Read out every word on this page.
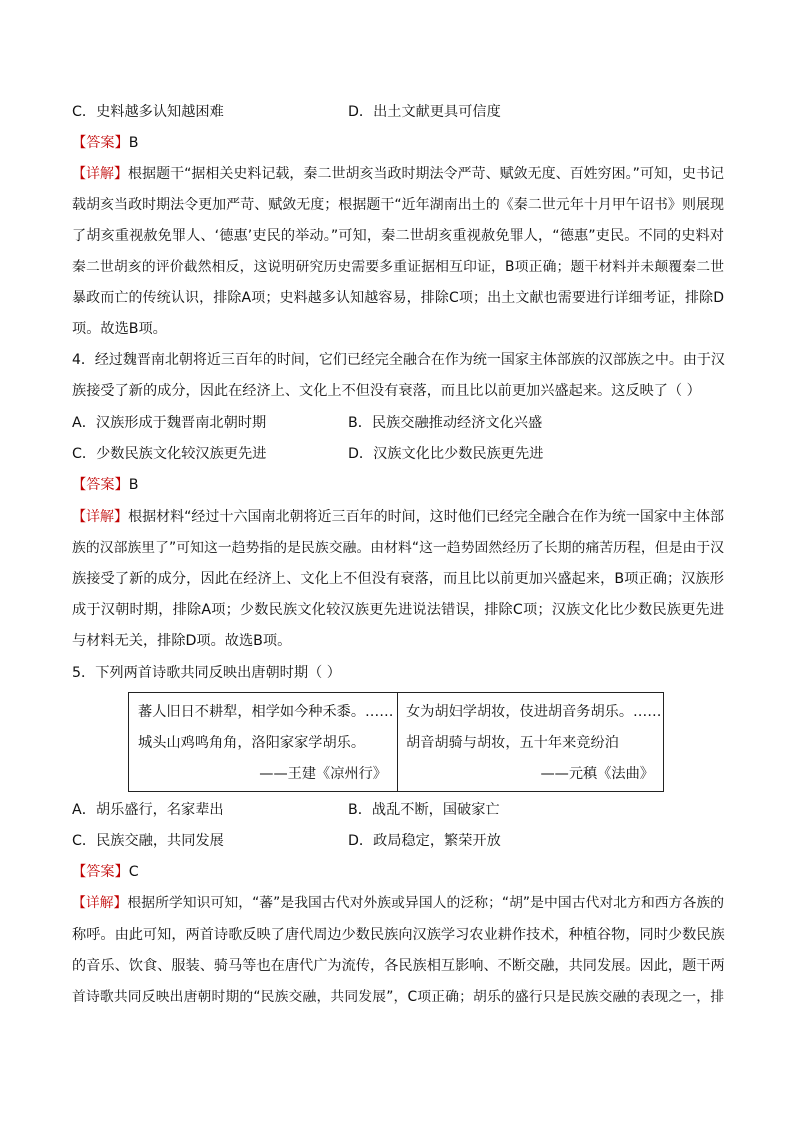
C．史料越多认知越困难	D．出土文献更具可信度
【答案】B
【详解】根据题干“据相关史料记载，秦二世胡亥当政时期法令严苛、赋敛无度、百姓穷困。”可知，史书记
载胡亥当政时期法令更加严苛、赋敛无度；根据题干“近年湖南出土的《秦二世元年十月甲午诏书》则展现
了胡亥重视赦免罪人、‘德惠’吏民的举动。”可知，秦二世胡亥重视赦免罪人，“德惠”吏民。不同的史料对
秦二世胡亥的评价截然相反，这说明研究历史需要多重证据相互印证，B项正确；题干材料并未颠覆秦二世
暴政而亡的传统认识，排除A项；史料越多认知越容易，排除C项；出土文献也需要进行详细考证，排除D
项。故选B项。
4．经过魏晋南北朝将近三百年的时间，它们已经完全融合在作为统一国家主体部族的汉部族之中。由于汉
族接受了新的成分，因此在经济上、文化上不但没有衰落，而且比以前更加兴盛起来。这反映了（ ）
A．汉族形成于魏晋南北朝时期	B．民族交融推动经济文化兴盛
C．少数民族文化较汉族更先进	D．汉族文化比少数民族更先进
【答案】B
【详解】根据材料“经过十六国南北朝将近三百年的时间，这时他们已经完全融合在作为统一国家中主体部
族的汉部族里了”可知这一趋势指的是民族交融。由材料“这一趋势固然经历了长期的痛苦历程，但是由于汉
族接受了新的成分，因此在经济上、文化上不但没有衰落，而且比以前更加兴盛起来，B项正确；汉族形
成于汉朝时期，排除A项；少数民族文化较汉族更先进说法错误，排除C项；汉族文化比少数民族更先进
与材料无关，排除D项。故选B项。
5．下列两首诗歌共同反映出唐朝时期（ ）
蕃人旧日不耕犁，相学如今种禾黍。……
城头山鸡鸣角角，洛阳家家学胡乐。
——王建《凉州行》
女为胡妇学胡妆，伎进胡音务胡乐。……
胡音胡骑与胡妆，五十年来竞纷泊
——元稹《法曲》
A．胡乐盛行，名家辈出	B．战乱不断，国破家亡
C．民族交融，共同发展	D．政局稳定，繁荣开放
【答案】C
【详解】根据所学知识可知，“蕃”是我国古代对外族或异国人的泛称；“胡”是中国古代对北方和西方各族的
称呼。由此可知，两首诗歌反映了唐代周边少数民族向汉族学习农业耕作技术，种植谷物，同时少数民族
的音乐、饮食、服装、骑马等也在唐代广为流传，各民族相互影响、不断交融，共同发展。因此，题干两
首诗歌共同反映出唐朝时期的“民族交融，共同发展”，C项正确；胡乐的盛行只是民族交融的表现之一，排
